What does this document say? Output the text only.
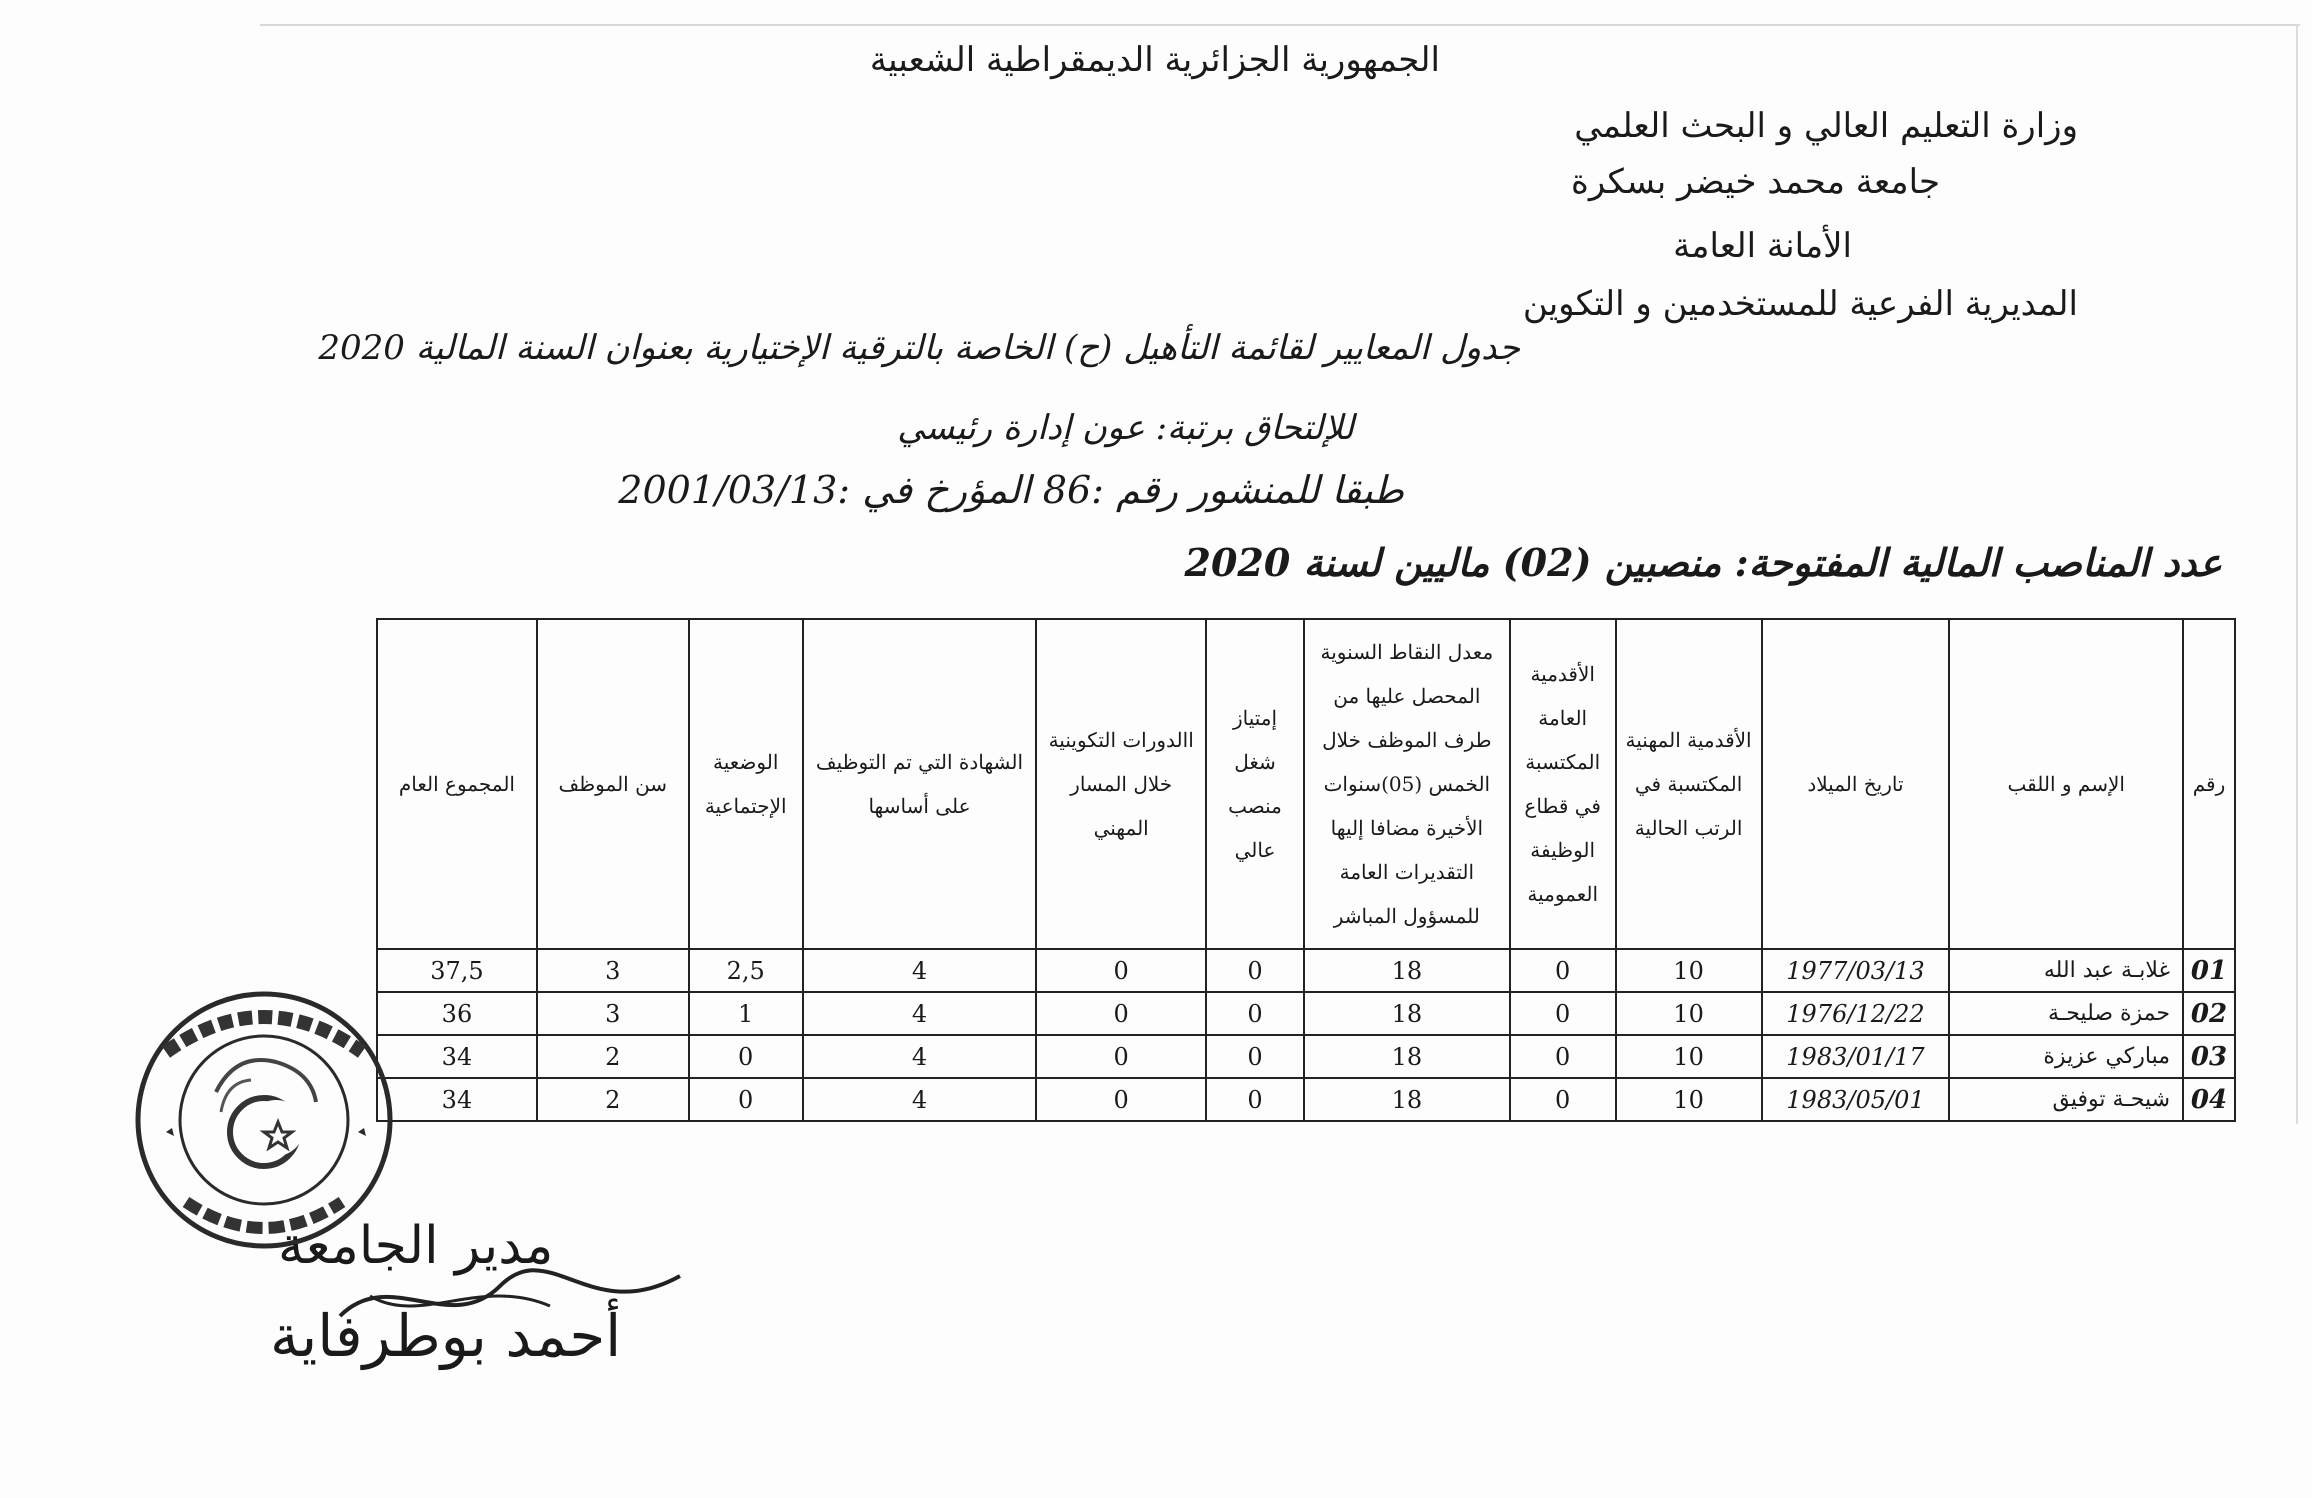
الجمهورية الجزائرية الديمقراطية الشعبية
وزارة التعليم العالي و البحث العلمي
جامعة محمد خيضر بسكرة
الأمانة العامة
المديرية الفرعية للمستخدمين و التكوين
جدول المعايير لقائمة التأهيل (ح) الخاصة بالترقية الإختيارية بعنوان السنة المالية 2020
للإلتحاق برتبة: عون إدارة رئيسي
طبقا للمنشور رقم :86 المؤرخ في :2001/03/13
عدد المناصب المالية المفتوحة: منصبين (02) ماليين لسنة 2020
رقم	الإسم و اللقب	تاريخ الميلاد	الأقدمية المهنية المكتسبة في الرتب الحالية	الأقدمية العامة المكتسبة في قطاع الوظيفة العمومية	معدل النقاط السنوية المحصل عليها من طرف الموظف خلال الخمس (05)سنوات الأخيرة مضافا إليها التقديرات العامة للمسؤول المباشر	إمتياز شغل منصب عالي	االدورات التكوينية خلال المسار المهني	الشهادة التي تم التوظيف على أساسها	الوضعية الإجتماعية	سن الموظف	المجموع العام
01	غلابـة عبد الله	1977/03/13	10	0	18	0	0	4	2,5	3	37,5
02	حمزة صليحـة	1976/12/22	10	0	18	0	0	4	1	3	36
03	مباركي عزيزة	1983/01/17	10	0	18	0	0	4	0	2	34
04	شيحـة توفيق	1983/05/01	10	0	18	0	0	4	0	2	34
مدير الجامعة
أحمد بوطرفاية
